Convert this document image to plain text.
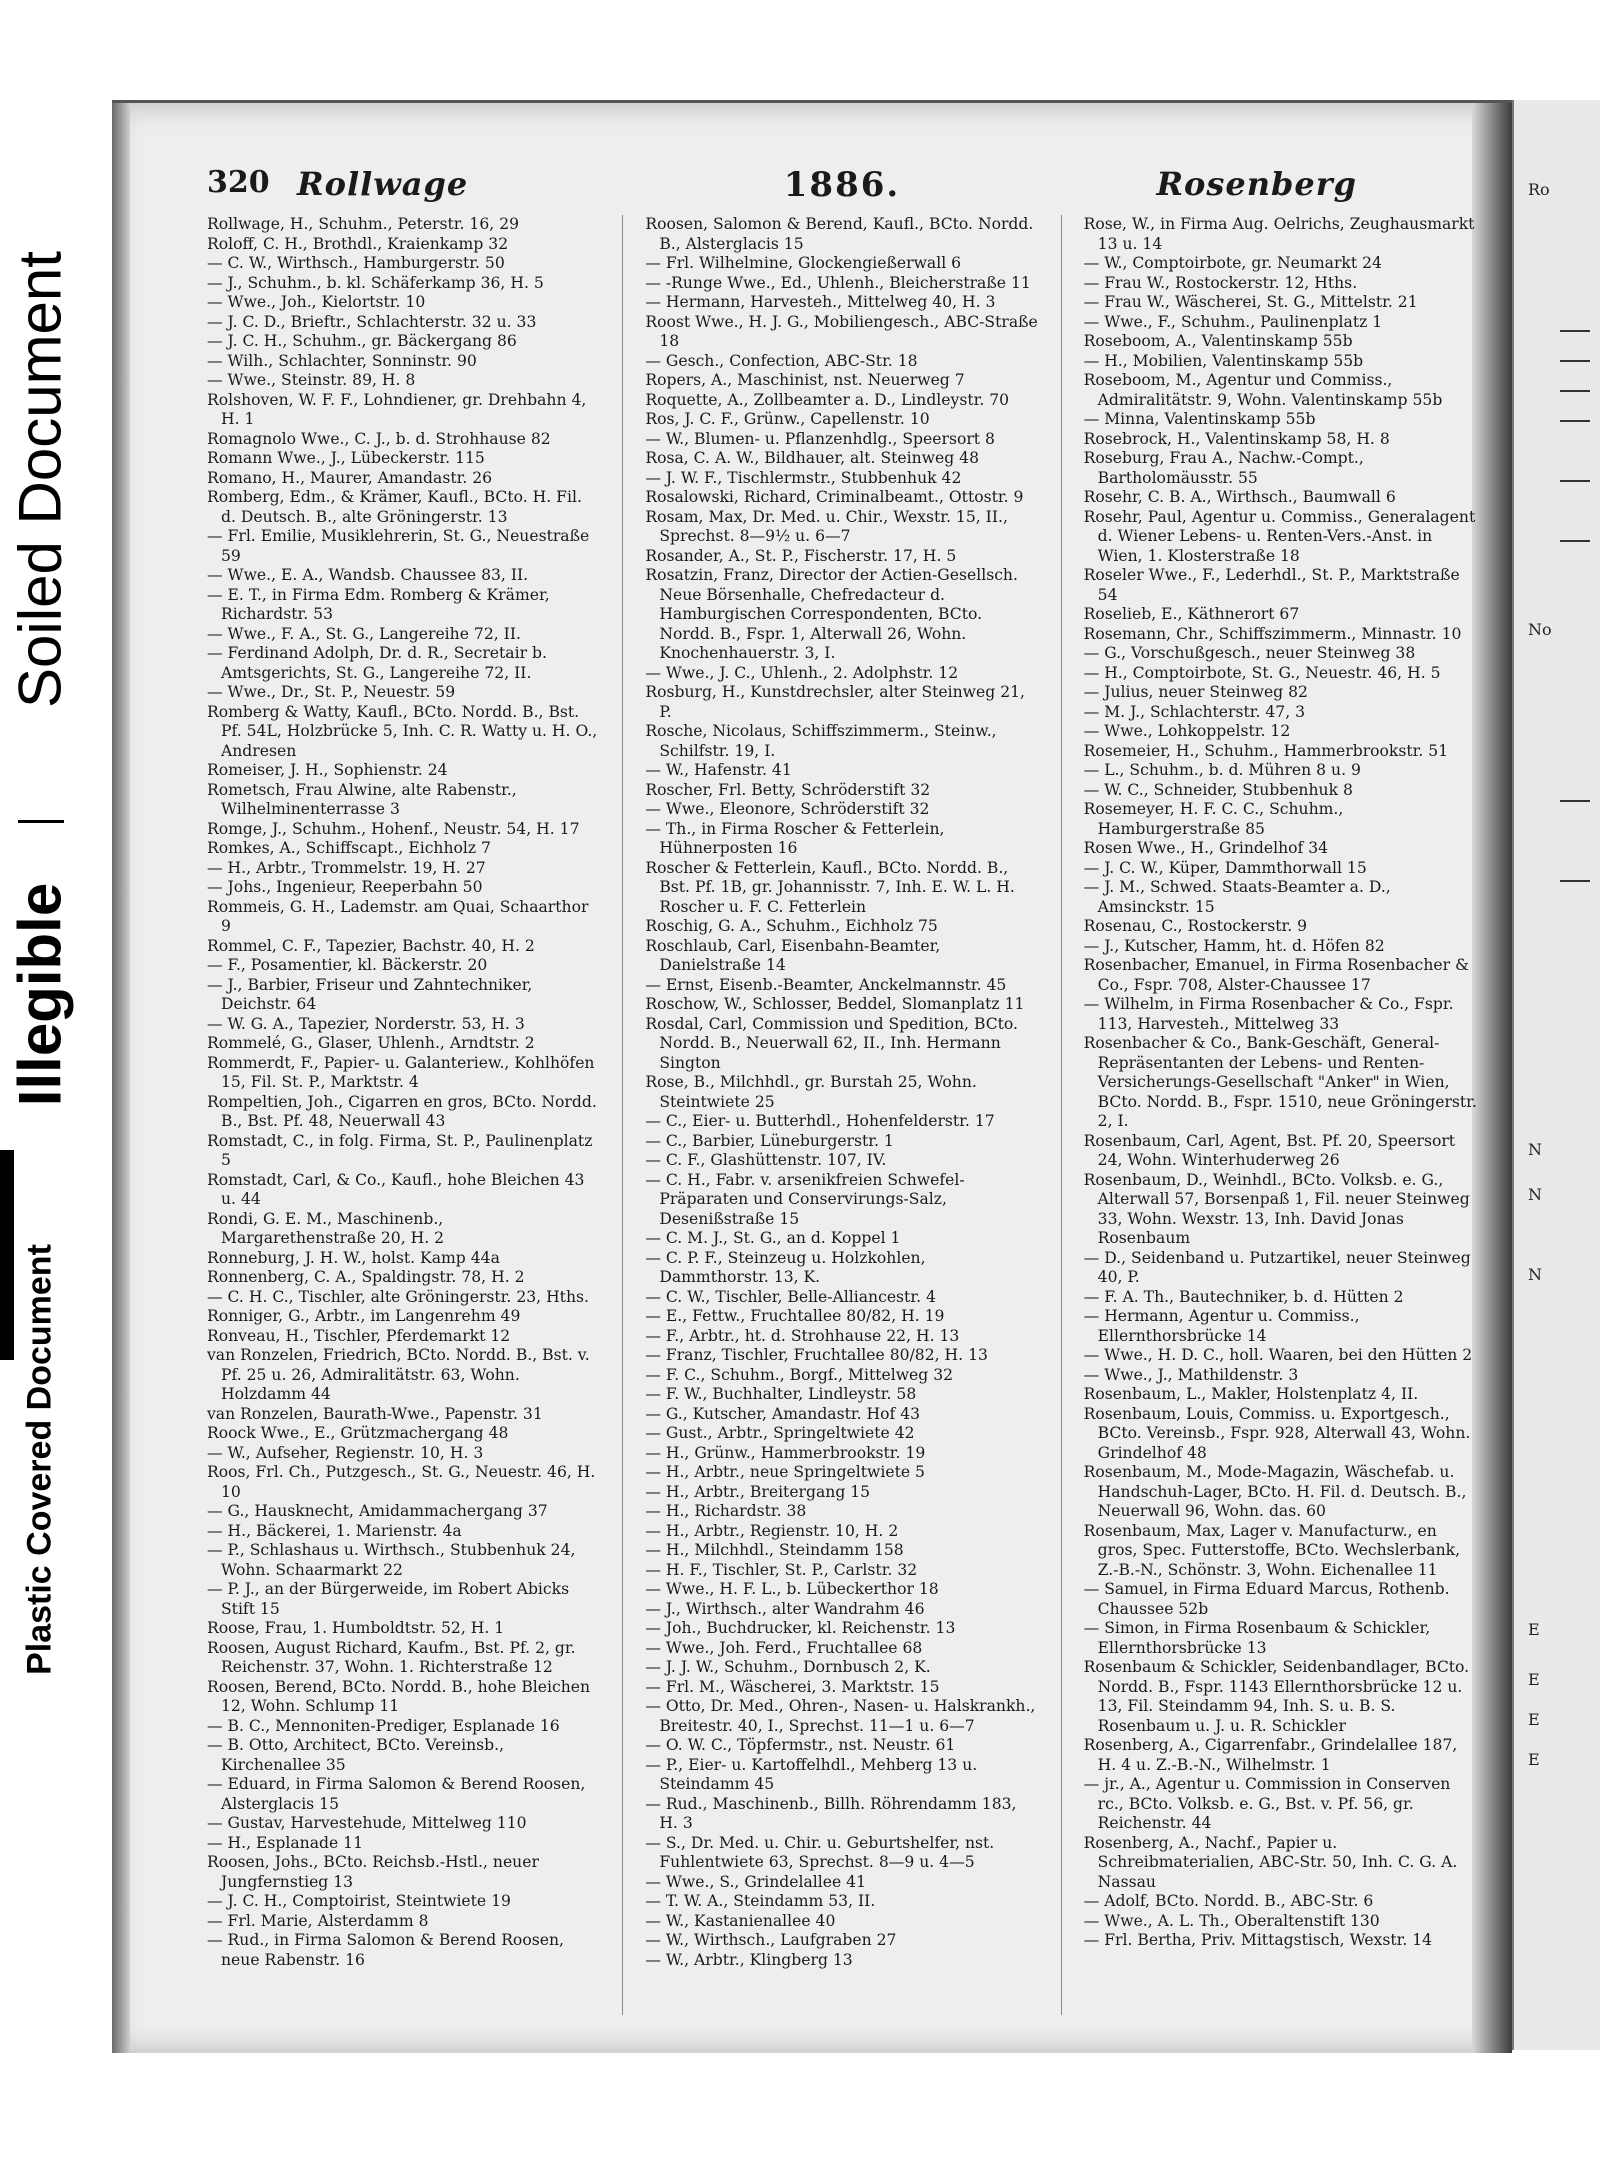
Soiled Document
Illegible
Plastic Covered Document
320 Rollwage	1886.	Rosenberg

Rollwage, H., Schuhm., Peterstr. 16, 29

Roloff, C. H., Brothdl., Kraienkamp 32

— C. W., Wirthsch., Hamburgerstr. 50

— J., Schuhm., b. kl. Schäferkamp 36, H. 5

— Wwe., Joh., Kielortstr. 10

— J. C. D., Brieftr., Schlachterstr. 32 u. 33

— J. C. H., Schuhm., gr. Bäckergang 86

— Wilh., Schlachter, Sonninstr. 90

— Wwe., Steinstr. 89, H. 8

Rolshoven, W. F. F., Lohndiener, gr. Drehbahn 4, H. 1

Romagnolo Wwe., C. J., b. d. Strohhause 82

Romann Wwe., J., Lübeckerstr. 115

Romano, H., Maurer, Amandastr. 26

Romberg, Edm., & Krämer, Kaufl., BCto. H. Fil. d. Deutsch. B., alte Gröningerstr. 13

— Frl. Emilie, Musiklehrerin, St. G., Neuestraße 59

— Wwe., E. A., Wandsb. Chaussee 83, II.

— E. T., in Firma Edm. Romberg & Krämer, Richardstr. 53

— Wwe., F. A., St. G., Langereihe 72, II.

— Ferdinand Adolph, Dr. d. R., Secretair b. Amtsgerichts, St. G., Langereihe 72, II.

— Wwe., Dr., St. P., Neuestr. 59

Romberg & Watty, Kaufl., BCto. Nordd. B., Bst. Pf. 54L, Holzbrücke 5, Inh. C. R. Watty u. H. O., Andresen

Romeiser, J. H., Sophienstr. 24

Rometsch, Frau Alwine, alte Rabenstr., Wilhelminenterrasse 3

Romge, J., Schuhm., Hohenf., Neustr. 54, H. 17

Romkes, A., Schiffscapt., Eichholz 7

— H., Arbtr., Trommelstr. 19, H. 27

— Johs., Ingenieur, Reeperbahn 50

Rommeis, G. H., Lademstr. am Quai, Schaarthor 9

Rommel, C. F., Tapezier, Bachstr. 40, H. 2

— F., Posamentier, kl. Bäckerstr. 20

— J., Barbier, Friseur und Zahntechniker, Deichstr. 64

— W. G. A., Tapezier, Norderstr. 53, H. 3

Rommelé, G., Glaser, Uhlenh., Arndtstr. 2

Rommerdt, F., Papier- u. Galanteriew., Kohlhöfen 15, Fil. St. P., Marktstr. 4

Rompeltien, Joh., Cigarren en gros, BCto. Nordd. B., Bst. Pf. 48, Neuerwall 43

Romstadt, C., in folg. Firma, St. P., Paulinenplatz 5

Romstadt, Carl, & Co., Kaufl., hohe Bleichen 43 u. 44

Rondi, G. E. M., Maschinenb., Margarethenstraße 20, H. 2

Ronneburg, J. H. W., holst. Kamp 44a

Ronnenberg, C. A., Spaldingstr. 78, H. 2

— C. H. C., Tischler, alte Gröningerstr. 23, Hths.

Ronniger, G., Arbtr., im Langenrehm 49

Ronveau, H., Tischler, Pferdemarkt 12

van Ronzelen, Friedrich, BCto. Nordd. B., Bst. v. Pf. 25 u. 26, Admiralitätstr. 63, Wohn. Holzdamm 44

van Ronzelen, Baurath-Wwe., Papenstr. 31

Roock Wwe., E., Grützmachergang 48

— W., Aufseher, Regienstr. 10, H. 3

Roos, Frl. Ch., Putzgesch., St. G., Neuestr. 46, H. 10

— G., Hausknecht, Amidammachergang 37

— H., Bäckerei, 1. Marienstr. 4a

— P., Schlashaus u. Wirthsch., Stubbenhuk 24, Wohn. Schaarmarkt 22

— P. J., an der Bürgerweide, im Robert Abicks Stift 15

Roose, Frau, 1. Humboldtstr. 52, H. 1

Roosen, August Richard, Kaufm., Bst. Pf. 2, gr. Reichenstr. 37, Wohn. 1. Richterstraße 12

Roosen, Berend, BCto. Nordd. B., hohe Bleichen 12, Wohn. Schlump 11

— B. C., Mennoniten-Prediger, Esplanade 16

— B. Otto, Architect, BCto. Vereinsb., Kirchenallee 35

— Eduard, in Firma Salomon & Berend Roosen, Alsterglacis 15

— Gustav, Harvestehude, Mittelweg 110

— H., Esplanade 11

Roosen, Johs., BCto. Reichsb.-Hstl., neuer Jungfernstieg 13

— J. C. H., Comptoirist, Steintwiete 19

— Frl. Marie, Alsterdamm 8

— Rud., in Firma Salomon & Berend Roosen, neue Rabenstr. 16

Roosen, Salomon & Berend, Kaufl., BCto. Nordd. B., Alsterglacis 15

— Frl. Wilhelmine, Glockengießerwall 6

— -Runge Wwe., Ed., Uhlenh., Bleicherstraße 11

— Hermann, Harvesteh., Mittelweg 40, H. 3

Roost Wwe., H. J. G., Mobiliengesch., ABC-Straße 18

— Gesch., Confection, ABC-Str. 18

Ropers, A., Maschinist, nst. Neuerweg 7

Roquette, A., Zollbeamter a. D., Lindleystr. 70

Ros, J. C. F., Grünw., Capellenstr. 10

— W., Blumen- u. Pflanzenhdlg., Speersort 8

Rosa, C. A. W., Bildhauer, alt. Steinweg 48

— J. W. F., Tischlermstr., Stubbenhuk 42

Rosalowski, Richard, Criminalbeamt., Ottostr. 9

Rosam, Max, Dr. Med. u. Chir., Wexstr. 15, II., Sprechst. 8—9½ u. 6—7

Rosander, A., St. P., Fischerstr. 17, H. 5

Rosatzin, Franz, Director der Actien-Gesellsch. Neue Börsenhalle, Chefredacteur d. Hamburgischen Correspondenten, BCto. Nordd. B., Fspr. 1, Alterwall 26, Wohn. Knochenhauerstr. 3, I.

— Wwe., J. C., Uhlenh., 2. Adolphstr. 12

Rosburg, H., Kunstdrechsler, alter Steinweg 21, P.

Rosche, Nicolaus, Schiffszimmerm., Steinw., Schilfstr. 19, I.

— W., Hafenstr. 41

Roscher, Frl. Betty, Schröderstift 32

— Wwe., Eleonore, Schröderstift 32

— Th., in Firma Roscher & Fetterlein, Hühnerposten 16

Roscher & Fetterlein, Kaufl., BCto. Nordd. B., Bst. Pf. 1B, gr. Johannisstr. 7, Inh. E. W. L. H. Roscher u. F. C. Fetterlein

Roschig, G. A., Schuhm., Eichholz 75

Roschlaub, Carl, Eisenbahn-Beamter, Danielstraße 14

— Ernst, Eisenb.-Beamter, Anckelmannstr. 45

Roschow, W., Schlosser, Beddel, Slomanplatz 11

Rosdal, Carl, Commission und Spedition, BCto. Nordd. B., Neuerwall 62, II., Inh. Hermann Sington

Rose, B., Milchhdl., gr. Burstah 25, Wohn. Steintwiete 25

— C., Eier- u. Butterhdl., Hohenfelderstr. 17

— C., Barbier, Lüneburgerstr. 1

— C. F., Glashüttenstr. 107, IV.

— C. H., Fabr. v. arsenikfreien Schwefel-Präparaten und Conservirungs-Salz, Desenißstraße 15

— C. M. J., St. G., an d. Koppel 1

— C. P. F., Steinzeug u. Holzkohlen, Dammthorstr. 13, K.

— C. W., Tischler, Belle-Alliancestr. 4

— E., Fettw., Fruchtallee 80/82, H. 19

— F., Arbtr., ht. d. Strohhause 22, H. 13

— Franz, Tischler, Fruchtallee 80/82, H. 13

— F. C., Schuhm., Borgf., Mittelweg 32

— F. W., Buchhalter, Lindleystr. 58

— G., Kutscher, Amandastr. Hof 43

— Gust., Arbtr., Springeltwiete 42

— H., Grünw., Hammerbrookstr. 19

— H., Arbtr., neue Springeltwiete 5

— H., Arbtr., Breitergang 15

— H., Richardstr. 38

— H., Arbtr., Regienstr. 10, H. 2

— H., Milchhdl., Steindamm 158

— H. F., Tischler, St. P., Carlstr. 32

— Wwe., H. F. L., b. Lübeckerthor 18

— J., Wirthsch., alter Wandrahm 46

— Joh., Buchdrucker, kl. Reichenstr. 13

— Wwe., Joh. Ferd., Fruchtallee 68

— J. J. W., Schuhm., Dornbusch 2, K.

— Frl. M., Wäscherei, 3. Marktstr. 15

— Otto, Dr. Med., Ohren-, Nasen- u. Halskrankh., Breitestr. 40, I., Sprechst. 11—1 u. 6—7

— O. W. C., Töpfermstr., nst. Neustr. 61

— P., Eier- u. Kartoffelhdl., Mehberg 13 u. Steindamm 45

— Rud., Maschinenb., Billh. Röhrendamm 183, H. 3

— S., Dr. Med. u. Chir. u. Geburtshelfer, nst. Fuhlentwiete 63, Sprechst. 8—9 u. 4—5

— Wwe., S., Grindelallee 41

— T. W. A., Steindamm 53, II.

— W., Kastanienallee 40

— W., Wirthsch., Laufgraben 27

— W., Arbtr., Klingberg 13

Rose, W., in Firma Aug. Oelrichs, Zeughausmarkt 13 u. 14

— W., Comptoirbote, gr. Neumarkt 24

— Frau W., Rostockerstr. 12, Hths.

— Frau W., Wäscherei, St. G., Mittelstr. 21

— Wwe., F., Schuhm., Paulinenplatz 1

Roseboom, A., Valentinskamp 55b

— H., Mobilien, Valentinskamp 55b

Roseboom, M., Agentur und Commiss., Admiralitätstr. 9, Wohn. Valentinskamp 55b

— Minna, Valentinskamp 55b

Rosebrock, H., Valentinskamp 58, H. 8

Roseburg, Frau A., Nachw.-Compt., Bartholomäusstr. 55

Rosehr, C. B. A., Wirthsch., Baumwall 6

Rosehr, Paul, Agentur u. Commiss., Generalagent d. Wiener Lebens- u. Renten-Vers.-Anst. in Wien, 1. Klosterstraße 18

Roseler Wwe., F., Lederhdl., St. P., Marktstraße 54

Roselieb, E., Käthnerort 67

Rosemann, Chr., Schiffszimmerm., Minnastr. 10

— G., Vorschußgesch., neuer Steinweg 38

— H., Comptoirbote, St. G., Neuestr. 46, H. 5

— Julius, neuer Steinweg 82

— M. J., Schlachterstr. 47, 3

— Wwe., Lohkoppelstr. 12

Rosemeier, H., Schuhm., Hammerbrookstr. 51

— L., Schuhm., b. d. Mühren 8 u. 9

— W. C., Schneider, Stubbenhuk 8

Rosemeyer, H. F. C. C., Schuhm., Hamburgerstraße 85

Rosen Wwe., H., Grindelhof 34

— J. C. W., Küper, Dammthorwall 15

— J. M., Schwed. Staats-Beamter a. D., Amsinckstr. 15

Rosenau, C., Rostockerstr. 9

— J., Kutscher, Hamm, ht. d. Höfen 82

Rosenbacher, Emanuel, in Firma Rosenbacher & Co., Fspr. 708, Alster-Chaussee 17

— Wilhelm, in Firma Rosenbacher & Co., Fspr. 113, Harvesteh., Mittelweg 33

Rosenbacher & Co., Bank-Geschäft, General-Repräsentanten der Lebens- und Renten-Versicherungs-Gesellschaft "Anker" in Wien, BCto. Nordd. B., Fspr. 1510, neue Gröningerstr. 2, I.

Rosenbaum, Carl, Agent, Bst. Pf. 20, Speersort 24, Wohn. Winterhuderweg 26

Rosenbaum, D., Weinhdl., BCto. Volksb. e. G., Alterwall 57, Borsenpaß 1, Fil. neuer Steinweg 33, Wohn. Wexstr. 13, Inh. David Jonas Rosenbaum

— D., Seidenband u. Putzartikel, neuer Steinweg 40, P.

— F. A. Th., Bautechniker, b. d. Hütten 2

— Hermann, Agentur u. Commiss., Ellernthorsbrücke 14

— Wwe., H. D. C., holl. Waaren, bei den Hütten 2

— Wwe., J., Mathildenstr. 3

Rosenbaum, L., Makler, Holstenplatz 4, II.

Rosenbaum, Louis, Commiss. u. Exportgesch., BCto. Vereinsb., Fspr. 928, Alterwall 43, Wohn. Grindelhof 48

Rosenbaum, M., Mode-Magazin, Wäschefab. u. Handschuh-Lager, BCto. H. Fil. d. Deutsch. B., Neuerwall 96, Wohn. das. 60

Rosenbaum, Max, Lager v. Manufacturw., en gros, Spec. Futterstoffe, BCto. Wechslerbank, Z.-B.-N., Schönstr. 3, Wohn. Eichenallee 11

— Samuel, in Firma Eduard Marcus, Rothenb. Chaussee 52b

— Simon, in Firma Rosenbaum & Schickler, Ellernthorsbrücke 13

Rosenbaum & Schickler, Seidenbandlager, BCto. Nordd. B., Fspr. 1143 Ellernthorsbrücke 12 u. 13, Fil. Steindamm 94, Inh. S. u. B. S. Rosenbaum u. J. u. R. Schickler

Rosenberg, A., Cigarrenfabr., Grindelallee 187, H. 4 u. Z.-B.-N., Wilhelmstr. 1

— jr., A., Agentur u. Commission in Conserven rc., BCto. Volksb. e. G., Bst. v. Pf. 56, gr. Reichenstr. 44

Rosenberg, A., Nachf., Papier u. Schreibmaterialien, ABC-Str. 50, Inh. C. G. A. Nassau

— Adolf, BCto. Nordd. B., ABC-Str. 6

— Wwe., A. L. Th., Oberaltenstift 130

— Frl. Bertha, Priv. Mittagstisch, Wexstr. 14

Ro
No
N
N
N
E
E
E
E
